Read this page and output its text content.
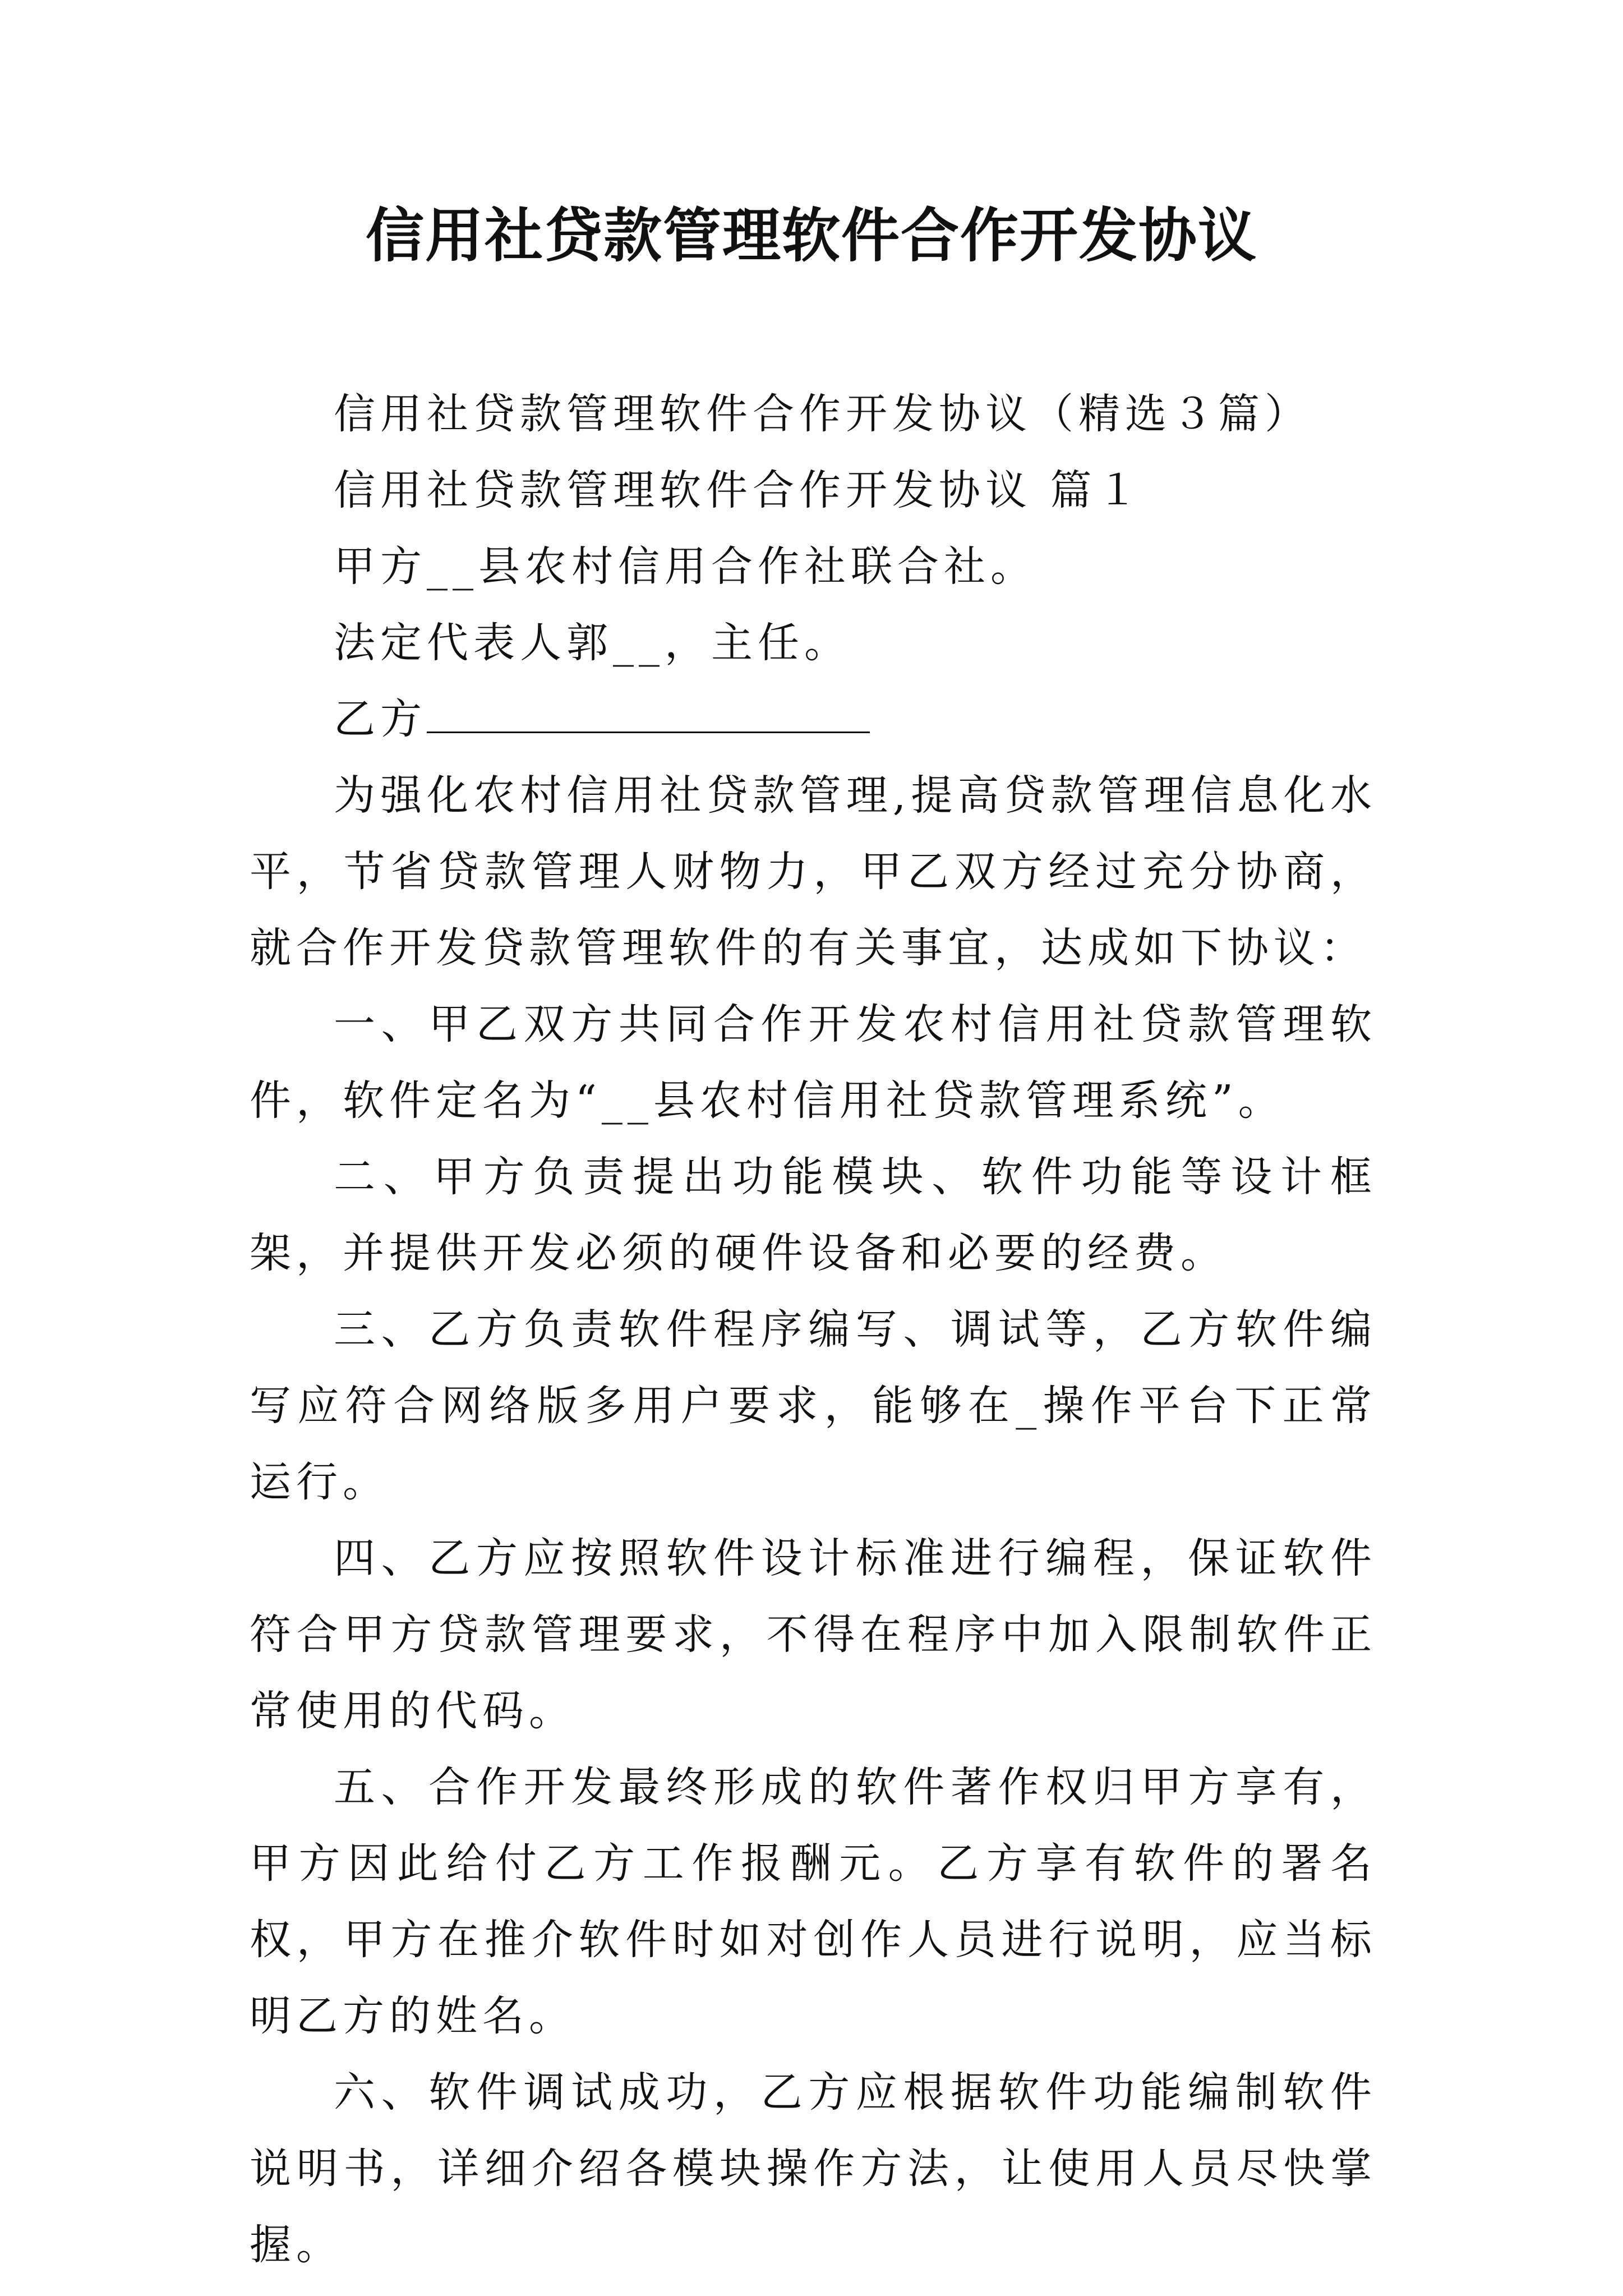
信用社贷款管理软件合作开发协议

信用社贷款管理软件合作开发协议（精选３篇）

信用社贷款管理软件合作开发协议 篇１

甲方__县农村信用合作社联合社。

法定代表人郭__，主任。

乙方

为强化农村信用社贷款管理,提高贷款管理信息化水平，节省贷款管理人财物力，甲乙双方经过充分协商，就合作开发贷款管理软件的有关事宜，达成如下协议：

一、甲乙双方共同合作开发农村信用社贷款管理软件，软件定名为“__县农村信用社贷款管理系统”。

二、甲方负责提出功能模块、软件功能等设计框架，并提供开发必须的硬件设备和必要的经费。

三、乙方负责软件程序编写、调试等，乙方软件编写应符合网络版多用户要求，能够在_操作平台下正常运行。

四、乙方应按照软件设计标准进行编程，保证软件符合甲方贷款管理要求，不得在程序中加入限制软件正常使用的代码。

五、合作开发最终形成的软件著作权归甲方享有，甲方因此给付乙方工作报酬元。乙方享有软件的署名权，甲方在推介软件时如对创作人员进行说明，应当标明乙方的姓名。

六、软件调试成功，乙方应根据软件功能编制软件说明书，详细介绍各模块操作方法，让使用人员尽快掌握。
